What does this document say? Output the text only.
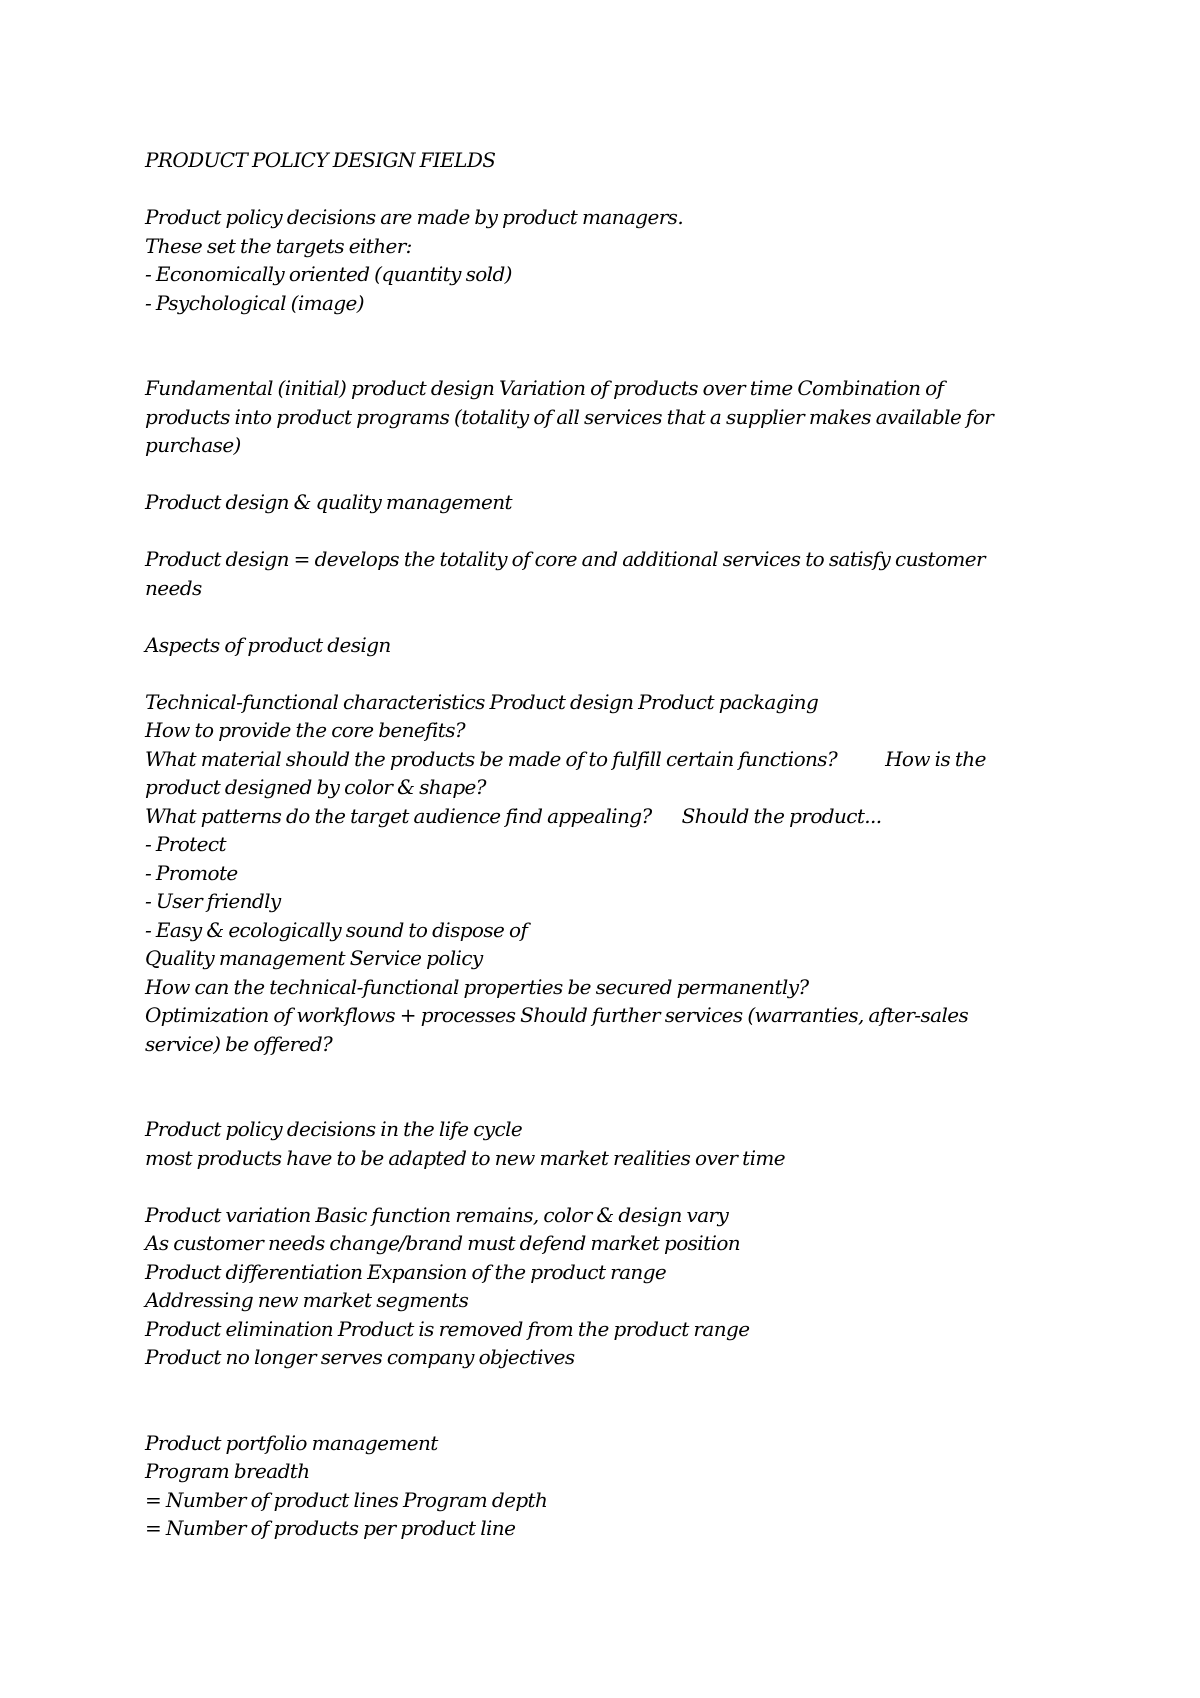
PRODUCT POLICY DESIGN FIELDS
Product policy decisions are made by product managers.
These set the targets either:
- Economically oriented (quantity sold)
- Psychological (image)
Fundamental (initial) product design Variation of products over time Combination of
products into product programs (totality of all services that a supplier makes available for
purchase)
Product design & quality management
Product design = develops the totality of core and additional services to satisfy customer
needs
Aspects of product design
Technical-functional characteristics Product design Product packaging
How to provide the core benefits?
What material should the products be made of to fulfill certain functions? How is the
product designed by color & shape?
What patterns do the target audience find appealing? Should the product...
- Protect
- Promote
- User friendly
- Easy & ecologically sound to dispose of
Quality management Service policy
How can the technical-functional properties be secured permanently?
Optimization of workflows + processes Should further services (warranties, after-sales
service) be offered?
Product policy decisions in the life cycle
most products have to be adapted to new market realities over time
Product variation Basic function remains, color & design vary
As customer needs change/brand must defend market position
Product differentiation Expansion of the product range
Addressing new market segments
Product elimination Product is removed from the product range
Product no longer serves company objectives
Product portfolio management
Program breadth
= Number of product lines Program depth
= Number of products per product line
